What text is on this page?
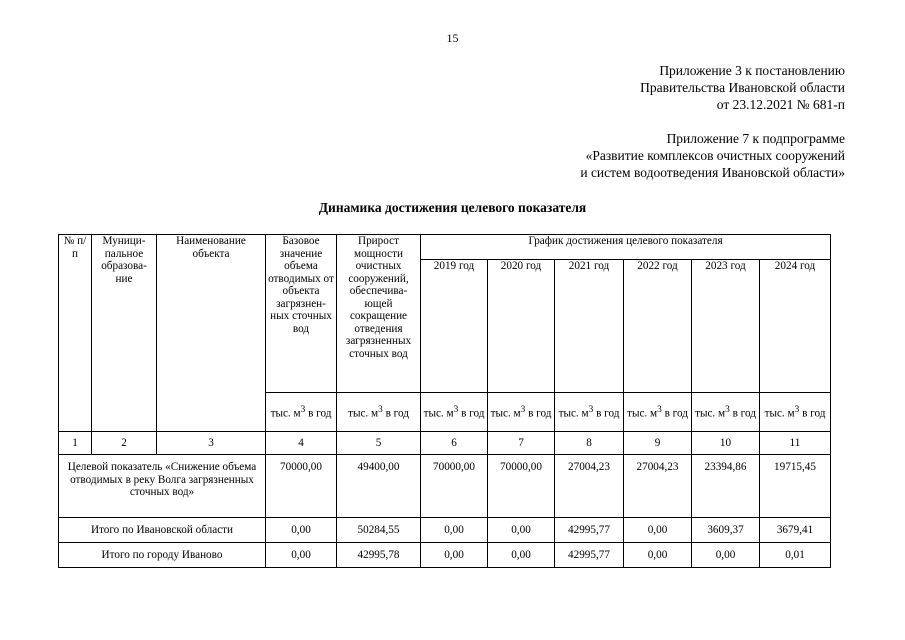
15
Приложение 3 к постановлению
Правительства Ивановской области
от 23.12.2021 № 681-п
Приложение 7 к подпрограмме
«Развитие комплексов очистных сооружений
и систем водоотведения Ивановской области»
Динамика достижения целевого показателя
№ п/п	Муници-пальное образова-ние	Наименование объекта	Базовое значение объема отводимых от объекта загрязнен-ных сточных вод	Прирост мощности очистных сооружений, обеспечива-ющей сокращение отведения загрязненных сточных вод	График достижения целевого показателя					
					2019 год	2020 год	2021 год	2022 год	2023 год	2024 год
			тыс. $м^3$ в год	тыс. $м^3$ в год	тыс. $м^3$ в год	тыс. $м^3$ в год	тыс. $м^3$ в год	тыс. $м^3$ в год	тыс. $м^3$ в год	тыс. $м^3$ в год
1	2	3	4	5	6	7	8	9	10	11
Целевой показатель «Снижение объема отводимых в реку Волга загрязненных сточных вод»			70000,00	49400,00	70000,00	70000,00	27004,23	27004,23	23394,86	19715,45
Итого по Ивановской области			0,00	50284,55	0,00	0,00	42995,77	0,00	3609,37	3679,41
Итого по городу Иваново			0,00	42995,78	0,00	0,00	42995,77	0,00	0,00	0,01
